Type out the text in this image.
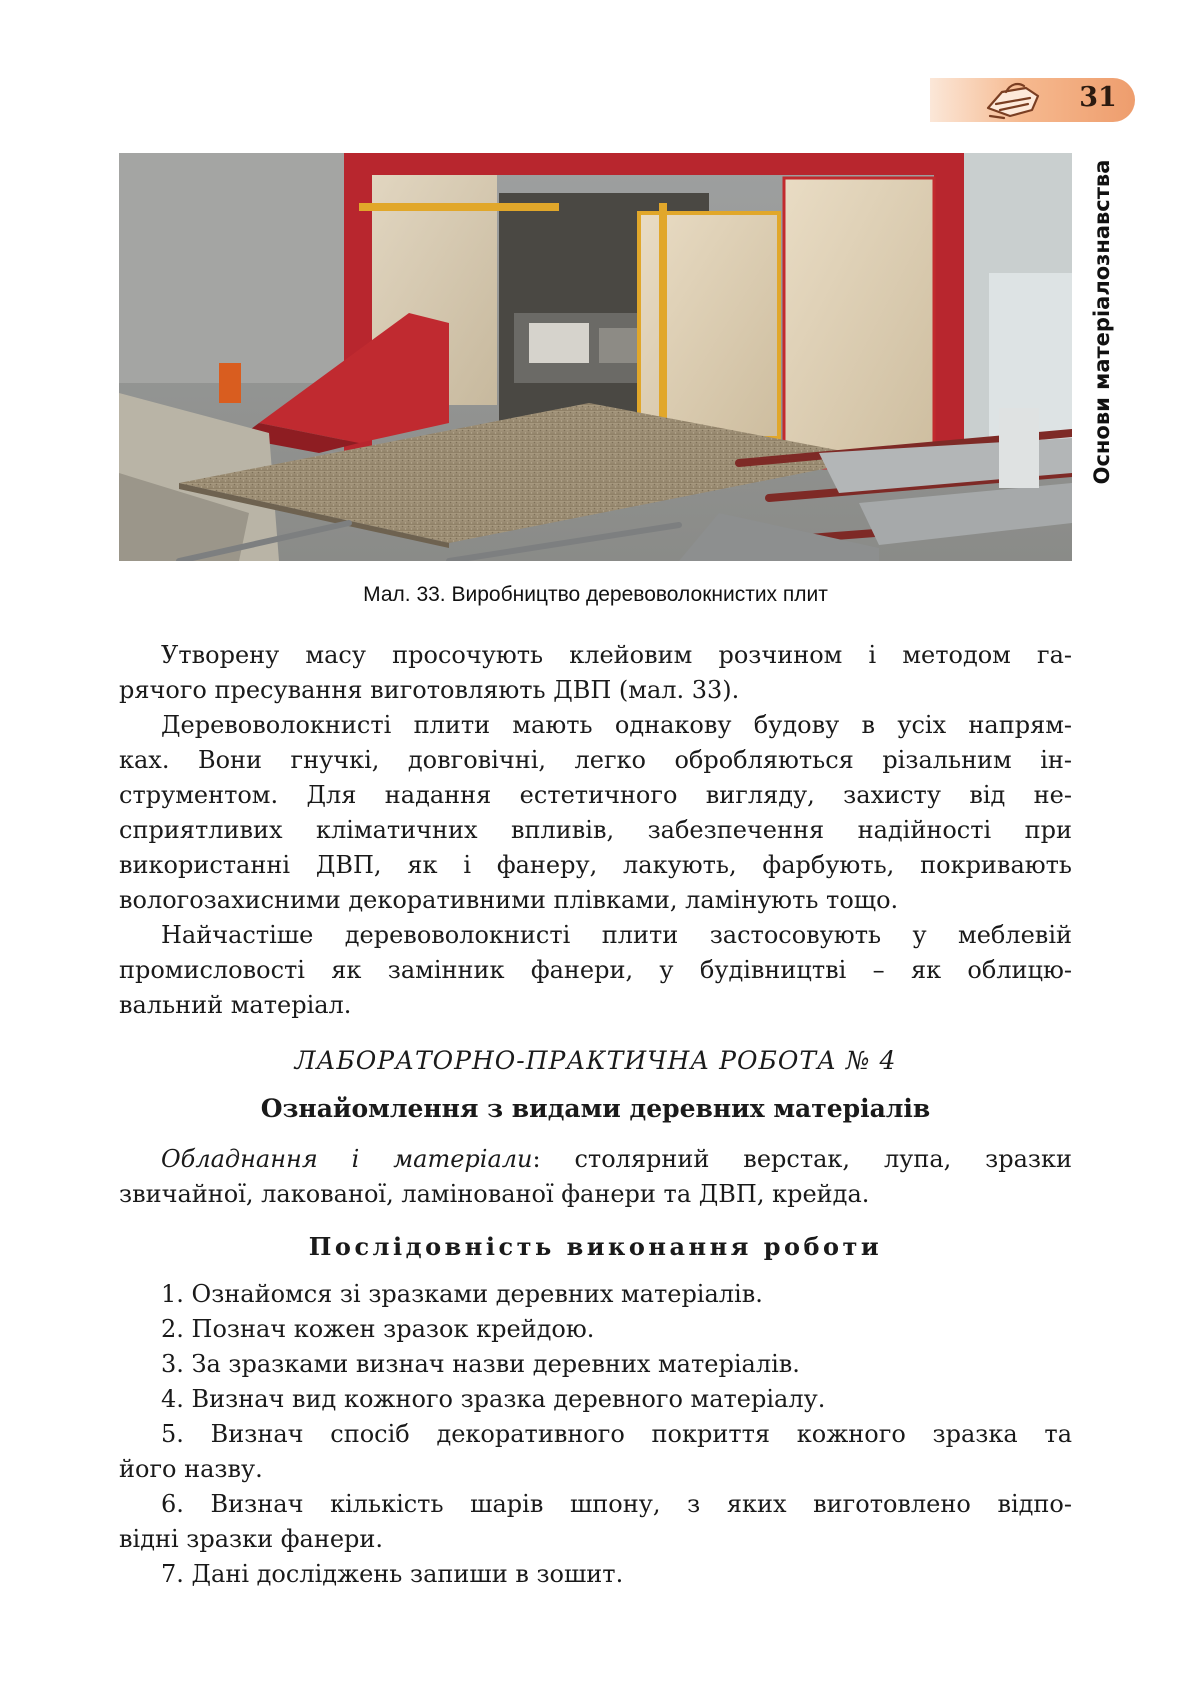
31
Основи матеріалознавства
Мал. 33. Виробництво деревоволокнистих плит
Утворену масу просочують клейовим розчином і методом га-
рячого пресування виготовляють ДВП (мал. 33).
Деревоволокнисті плити мають однакову будову в усіх напрям-
ках. Вони гнучкі, довговічні, легко обробляються різальним ін-
струментом. Для надання естетичного вигляду, захисту від не-
сприятливих кліматичних впливів, забезпечення надійності при
використанні ДВП, як і фанеру, лакують, фарбують, покривають
вологозахисними декоративними плівками, ламінують тощо.
Найчастіше деревоволокнисті плити застосовують у меблевій
промисловості як замінник фанери, у будівництві – як облицю-
вальний матеріал.
ЛАБОРАТОРНО-ПРАКТИЧНА РОБОТА № 4
Ознайомлення з видами деревних матеріалів
Обладнання і матеріали: столярний верстак, лупа, зразки
звичайної, лакованої, ламінованої фанери та ДВП, крейда.
Послідовність виконання роботи
1. Ознайомся зі зразками деревних матеріалів.
2. Познач кожен зразок крейдою.
3. За зразками визнач назви деревних матеріалів.
4. Визнач вид кожного зразка деревного матеріалу.
5. Визнач спосіб декоративного покриття кожного зразка та
його назву.
6. Визнач кількість шарів шпону, з яких виготовлено відпо-
відні зразки фанери.
7. Дані досліджень запиши в зошит.
